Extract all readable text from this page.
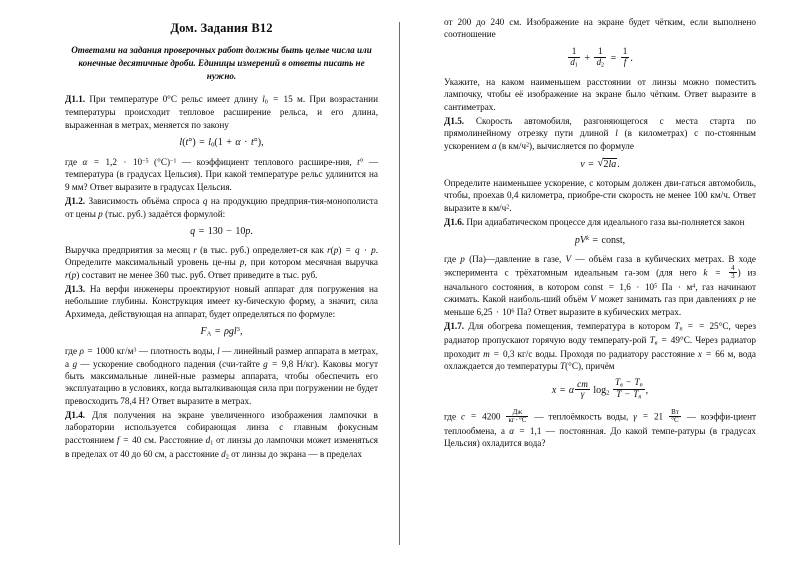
Дом. Задания В12
Ответами на задания проверочных работ должны быть целые числа или конечные десятичные дроби. Единицы измерений в ответы писать не нужно.

Д1.1. При температуре 0°C рельс имеет длину $l_0 = 15$ м. При возрастании температуры происходит тепловое расширение рельса, и его длина, выраженная в метрах, меняется по закону

$l(t^\circ) = l_0(1 + \alpha \cdot t^\circ)$,

где $\alpha = 1,2 \cdot 10^{-5}$ $(^\circ C)^{-1}$ — коэффициент теплового расшире‑ния, t° — температура (в градусах Цельсия). При какой температуре рельс удлинится на 9 мм? Ответ выразите в градусах Цельсия.

Д1.2. Зависимость объёма спроса q на продукцию предприя‑тия-монополиста от цены p (тыс. руб.) задаётся формулой:

q = 130 − 10p.

Выручка предприятия за месяц r (в тыс. руб.) определяет‑ся как r(p) = q · p. Определите максимальный уровень це‑ны p, при котором месячная выручка r(p) составит не менее 360 тыс. руб. Ответ приведите в тыс. руб.

Д1.3. На верфи инженеры проектируют новый аппарат для погружения на небольшие глубины. Конструкция имеет ку‑бическую форму, а значит, сила Архимеда, действующая на аппарат, будет определяться по формуле:

$F_A = \rho gl^3$,

где ρ = 1000 $кг/м^3$ — плотность воды, l — линейный размер аппарата в метрах, а g — ускорение свободного падения (счи‑тайте g = 9,8 Н/кг). Каковы могут быть максимальные линей‑ные размеры аппарата, чтобы обеспечить его эксплуатацию в условиях, когда выталкивающая сила при погружении не будет превосходить 78,4 Н? Ответ выразите в метрах.

Д1.4. Для получения на экране увеличенного изображения лампочки в лаборатории используется собирающая линза с главным фокусным расстоянием f = 40 см. Расстояние $d_1$ от линзы до лампочки может изменяться в пределах от 40 до 60 см, а расстояние $d_2$ от линзы до экрана — в пределах

от 200 до 240 см. Изображение на экране будет чётким, если выполнено соотношение

$\frac{1}{d_1} + \frac{1}{d_2} = \frac{1}{f}$ .

Укажите, на каком наименьшем расстоянии от линзы можно поместить лампочку, чтобы её изображение на экране было чётким. Ответ выразите в сантиметрах.

Д1.5. Скорость автомобиля, разгоняющегося с места старта по прямолинейному отрезку пути длиной l (в километрах) с по‑стоянным ускорением a (в $км/ч^2$), вычисляется по формуле

v = √ 2la.

Определите наименьшее ускорение, с которым должен дви‑гаться автомобиль, чтобы, проехав 0,4 километра, приобре‑сти скорость не менее 100 км/ч. Ответ выразите в $км/ч^2$.

Д1.6. При адиабатическом процессе для идеального газа вы‑полняется закон

$pV^k$ = const,

где p (Па)—давление в газе, V — объём газа в кубических метрах. В ходе эксперимента с трёхатомным идеальным га‑зом (для него $k = \frac{4}{3}$ ) из начального состояния, в котором const = $1,6 \cdot 10^5$ Па · $м^4$, газ начинают сжимать. Какой наиболь‑ший объём V может занимать газ при давлениях p не меньше $6,25 \cdot 10^6$ Па? Ответ выразите в кубических метрах.

Д1.7. Для обогрева помещения, температура в котором $T_п$ = = 25°C, через радиатор пропускают горячую воду температу‑рой $T_в = 49^\circ C$. Через радиатор проходит m = 0,3 кг/с воды. Проходя по радиатору расстояние x = 66 м, вода охлаждается до температуры T(°C), причём

x = α $\frac{cm}{\gamma} \log_2 \frac{T_в - T_п}{T - T_п}$ ,

где $c = 4200 \frac{Дж}{кг\cdot^\circ C}$ — теплоёмкость воды, $\gamma = 21 \frac{Вт}{^\circ C}$ — коэффи‑циент теплообмена, а α = 1,1 — постоянная. До какой темпе‑ратуры (в градусах Цельсия) охладится вода?
